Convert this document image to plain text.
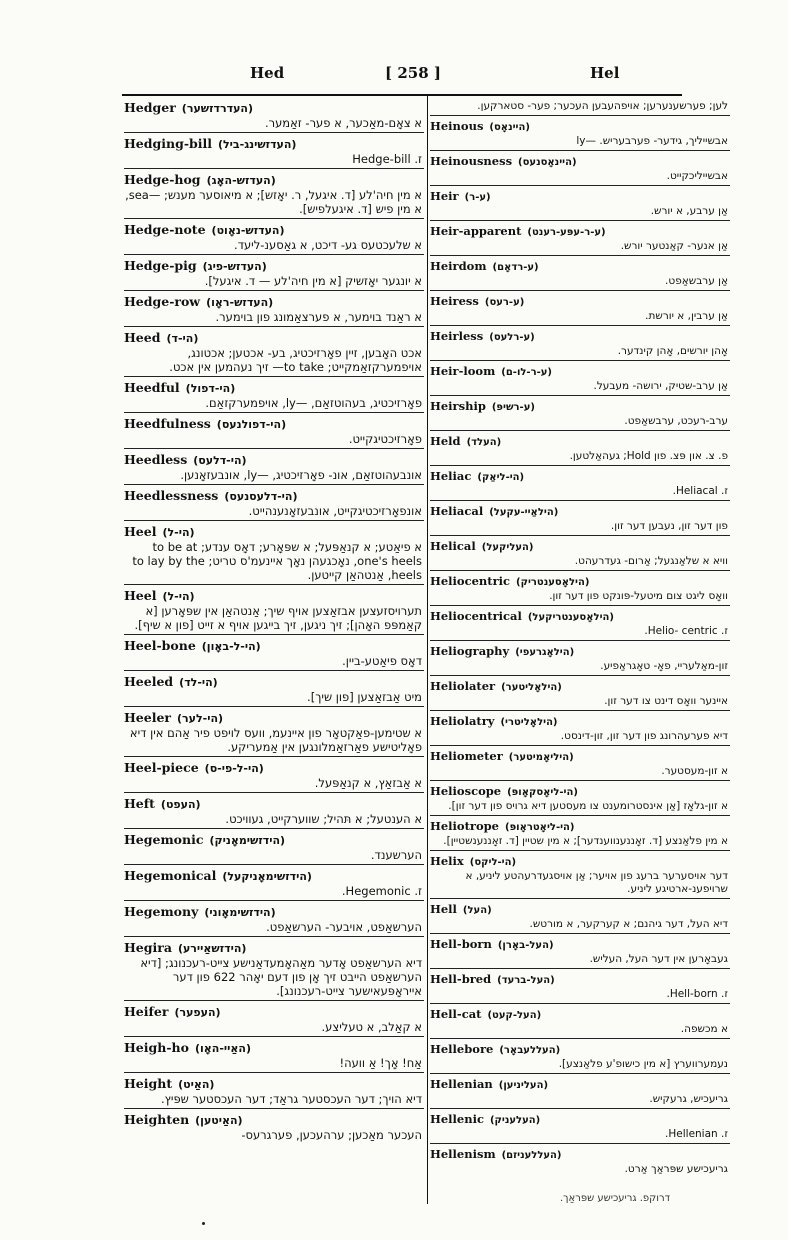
Hed	[ 258 ]	Hel
Hedger (העדרדזשער)
א צאָם-מאַכער, א פער- זאַמער.
Hedging-bill (העדזשינג-ביל)
ז. Hedge-bill
Hedge-hog (העדזש-האָג)
א מין חיה'לע [ד. איגעל, ר. יאָזש]; א מיאוסער מענש; —sea, א מין פיש [ד. איגעלפיש].
Hedge-note (העדזש-נאָוט)
א שלעכטעס גע- דיכט, א גאַסענ-ליעד.
Hedge-pig (העדזש-פיג)
א יונגער יאָזשיק [א מין חיה'לע — ד. איגעל].
Hedge-row (העדזש-ראָו)
א ראַנד בוימער, א פערצאַמונג פון בוימער.
Heed (הי-ד)
אכט האָבען, זיין פאָרזיכטיג, בע- אכטען; אכטונג, אויפמערקזאַמקייט; to take— זיך נעהמען אין אכט.
Heedful (הי-דפול)
פאָרזיכטיג, בעהוטזאַם, —ly, אויפמערקזאַם.
Heedfulness (הי-דפולנעס)
פאָרזיכטיגקייט.
Heedless (הי-דלעס)
אונבעהוטזאַם, אונ- פאָרזיכטיג, —ly, אונבעזאָנען.
Heedlessness (הי-דלעסנעס)
אונפאָרזיכטיגקייט, אונבעזאָנענהייט.
Heel (הי-ל)
א פיאַטע; א קנאַפּעל; א שפּאָרע; דאָס ענדע; to be at one's heels, נאָכגעהן נאָך איינעמ'ס טריט; to lay by the heels, אַנטהאַן קייטען.
Heel (הי-ל)
תערויסזעצען אבזאַצען אויף שיך; אַנטהאַן אין שפּאָרען [א קאַמפּפ האָהן]; זיך ניגען, זיך בייגען אויף א זייט [פון א שיף].
Heel-bone (הי-ל-באָון)
דאָס פיאַטע-ביין.
Heeled (הי-לד)
מיט אַבזאַצען [פון שיך].
Heeler (הי-לער)
א שטימען-פאַקטאָר פון איינעמ, וועס לויפט פיר אַהם אין דיא פאָליטישע פאַרזאַמלונגען אין אַמעריקע.
Heel-piece (הי-ל-פי-ס)
א אַבזאַץ, א קנאַפּעל.
Heft (העפט)
א הענטעל; א תּהיל; שווערקייט, געוויכט.
Hegemonic (הידזשימאָניק)
הערשענד.
Hegemonical (הידזשימאָניקעל)
ז. Hegemonic.
Hegemony (הידזשימאָוני)
הערשאַפט, אויבער- הערשאַפט.
Hegira (הידזשאַיירע)
דיא הערשאַפט אָדער מאַהאָמעדאַנישע צייט-רעכנונג; [דיא הערשאַפט הייבט זיך אָן פון דעם יאָהר 622 פון דער אייראָפּעאישער צייט-רעכנונג].
Heifer (העפער)
א קאַלב, א טעליצע.
Heigh-ho (האַיי-האָו)
אַח! אָך! אַ וועה!
Height (האַיט)
דיא הויך; דער העכסטער גראַד; דער העכסטער שפּיץ.
Heighten (האַיטען)
העכער מאַכען; ערהעכען, פערגרעס-
לען; פערשענערען; אויפהעבען העכער; פער- סטארקען.
Heinous (היינאָס)
אבשייליך, גידער- פערבעריש. —ly
Heinousness (היינאָסנעס)
אבשייליכקייט.
Heir (ע-ר)
אַן ערבע, א יורש.
Heir-apparent (ע-ר-עפּע-רענט)
אַן אנער- קאַנטער יורש.
Heirdom (ע-רדאָם)
אַן ערבשאַפט.
Heiress (ע-רעס)
אַן ערבין, א יורשת.
Heirless (ע-רלעס)
אָהן יורשים, אָהן קינדער.
Heir-loom (ע-ר-לו-ם)
אַן ערב-שטיק, ירושה- מעבעל.
Heirship (ע-רשיפּ)
ערב-רעכט, ערבשאַפט.
Held (העלד)
פ. צ. און פּצ. פון Hold; געהאַלטען.
Heliac (הי-ליאַק)
ז. Heliacal.
Heliacal (הילאַיי-עקעל)
פון דער זון, נעבען דער זון.
Helical (העליקעל)
וויא א שלאַנגעל; אַרום- געדרעהט.
Heliocentric (הילאָסענטריק)
וואָס ליגט צום מיטעל-פּונקט פון דער זון.
Heliocentrical (הילאָסענטריקעל)
ז. Helio- centric.
Heliography (הילאָגרעפי)
זון-מאַלעריי, פאָ- טאָגראַפיע.
Heliolater (הילאָליטער)
איינער וואָס דינט צו דער זון.
Heliolatry (הילאָליטרי)
דיא פערעהרונג פון דער זון, זון-דינסט.
Heliometer (היליאָמיטער)
א זון-מעסטער.
Helioscope (הי-ליאָסקאָופּ)
א זון-גלאָז [אַן אינסטרומענט צו מעסטען דיא גרויס פון דער זון].
Heliotrope (הי-ליאָטראָופּ)
א מין פלאַנצע [ד. זאָננענווענדער]; א מין שטיין [ד. זאָננענשטיין].
Helix (הי-ליקס)
דער אויסערער ברעג פון אויער; אַן אויסגעדרעהטע ליניע, א שרויפענ-ארטיגע ליניע.
Hell (העל)
דיא העל, דער גיהנם; א קערקער, א מורטש.
Hell-born (העל-באָרן)
געבאָרען אין דער העל, העליש.
Hell-bred (העל-ברעד)
ז. Hell-born.
Hell-cat (העל-קעט)
א מכשפה.
Hellebore (העללעבאָר)
נעמערווערץ [א מין כישופ'ע פלאַנצע].
Hellenian (העליניען)
גריעכיש, גרעקיש.
Hellenic (העלעניק)
ז. Hellenian.
Hellenism (העללעניזם)
גריעכישע שפּראַך אַרט.
דרוקפ. גריעכישע שפּראַך.
